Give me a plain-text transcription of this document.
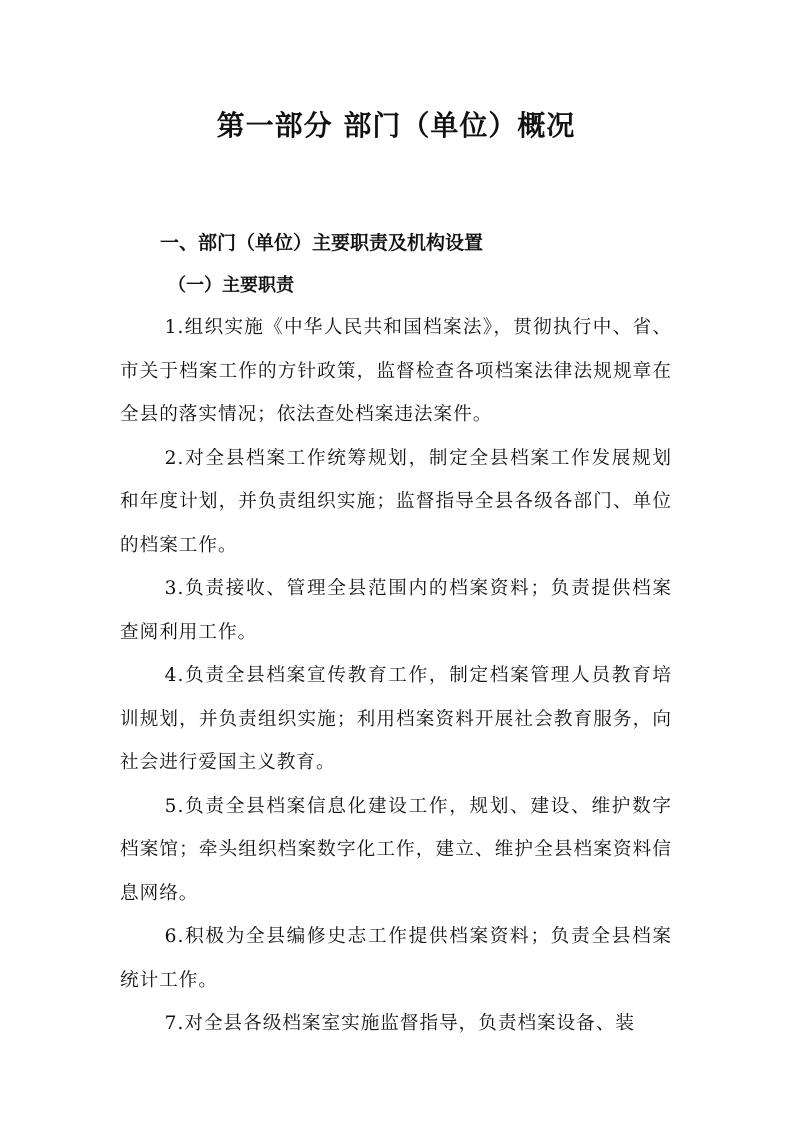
第一部分 部门（单位）概况
一、部门（单位）主要职责及机构设置
（一）主要职责

1.组织实施《中华人民共和国档案法》，贯彻执行中、省、市关于档案工作的方针政策，监督检查各项档案法律法规规章在全县的落实情况；依法查处档案违法案件。

2.对全县档案工作统筹规划，制定全县档案工作发展规划和年度计划，并负责组织实施；监督指导全县各级各部门、单位的档案工作。

3.负责接收、管理全县范围内的档案资料；负责提供档案查阅利用工作。

4.负责全县档案宣传教育工作，制定档案管理人员教育培训规划，并负责组织实施；利用档案资料开展社会教育服务，向社会进行爱国主义教育。

5.负责全县档案信息化建设工作，规划、建设、维护数字档案馆；牵头组织档案数字化工作，建立、维护全县档案资料信息网络。

6.积极为全县编修史志工作提供档案资料；负责全县档案统计工作。

7.对全县各级档案室实施监督指导，负责档案设备、装
